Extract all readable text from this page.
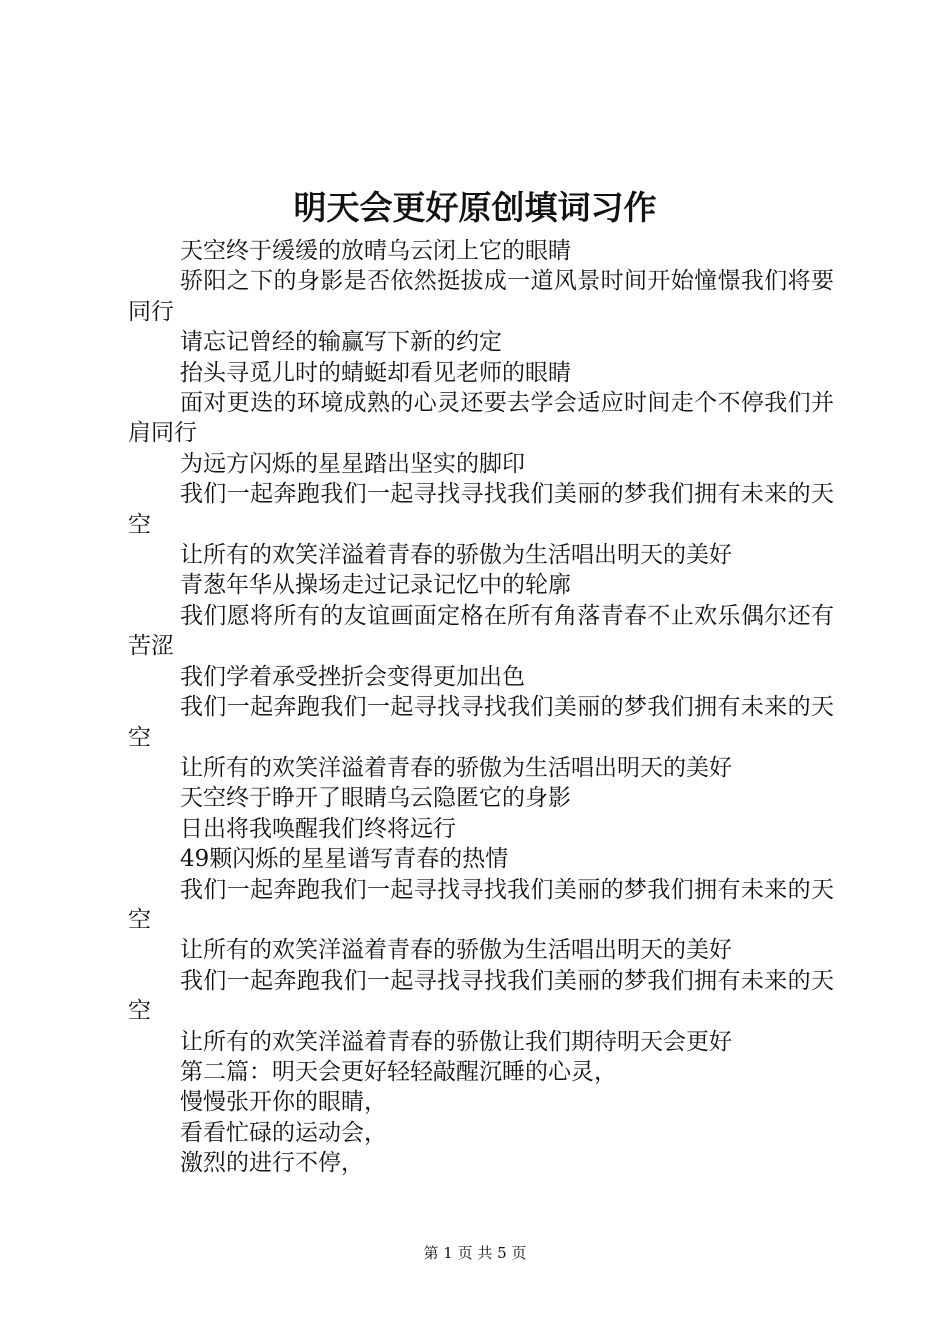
明天会更好原创填词习作

天空终于缓缓的放晴乌云闭上它的眼睛

骄阳之下的身影是否依然挺拔成一道风景时间开始憧憬我们将要同行

请忘记曾经的输赢写下新的约定

抬头寻觅儿时的蜻蜓却看见老师的眼睛

面对更迭的环境成熟的心灵还要去学会适应时间走个不停我们并肩同行

为远方闪烁的星星踏出坚实的脚印

我们一起奔跑我们一起寻找寻找我们美丽的梦我们拥有未来的天空

让所有的欢笑洋溢着青春的骄傲为生活唱出明天的美好

青葱年华从操场走过记录记忆中的轮廓

我们愿将所有的友谊画面定格在所有角落青春不止欢乐偶尔还有苦涩

我们学着承受挫折会变得更加出色

我们一起奔跑我们一起寻找寻找我们美丽的梦我们拥有未来的天空

让所有的欢笑洋溢着青春的骄傲为生活唱出明天的美好

天空终于睁开了眼睛乌云隐匿它的身影

日出将我唤醒我们终将远行

49颗闪烁的星星谱写青春的热情

我们一起奔跑我们一起寻找寻找我们美丽的梦我们拥有未来的天空

让所有的欢笑洋溢着青春的骄傲为生活唱出明天的美好

我们一起奔跑我们一起寻找寻找我们美丽的梦我们拥有未来的天空

让所有的欢笑洋溢着青春的骄傲让我们期待明天会更好

第二篇：明天会更好轻轻敲醒沉睡的心灵，

慢慢张开你的眼睛，

看看忙碌的运动会，

激烈的进行不停，

第 1 页 共 5 页
